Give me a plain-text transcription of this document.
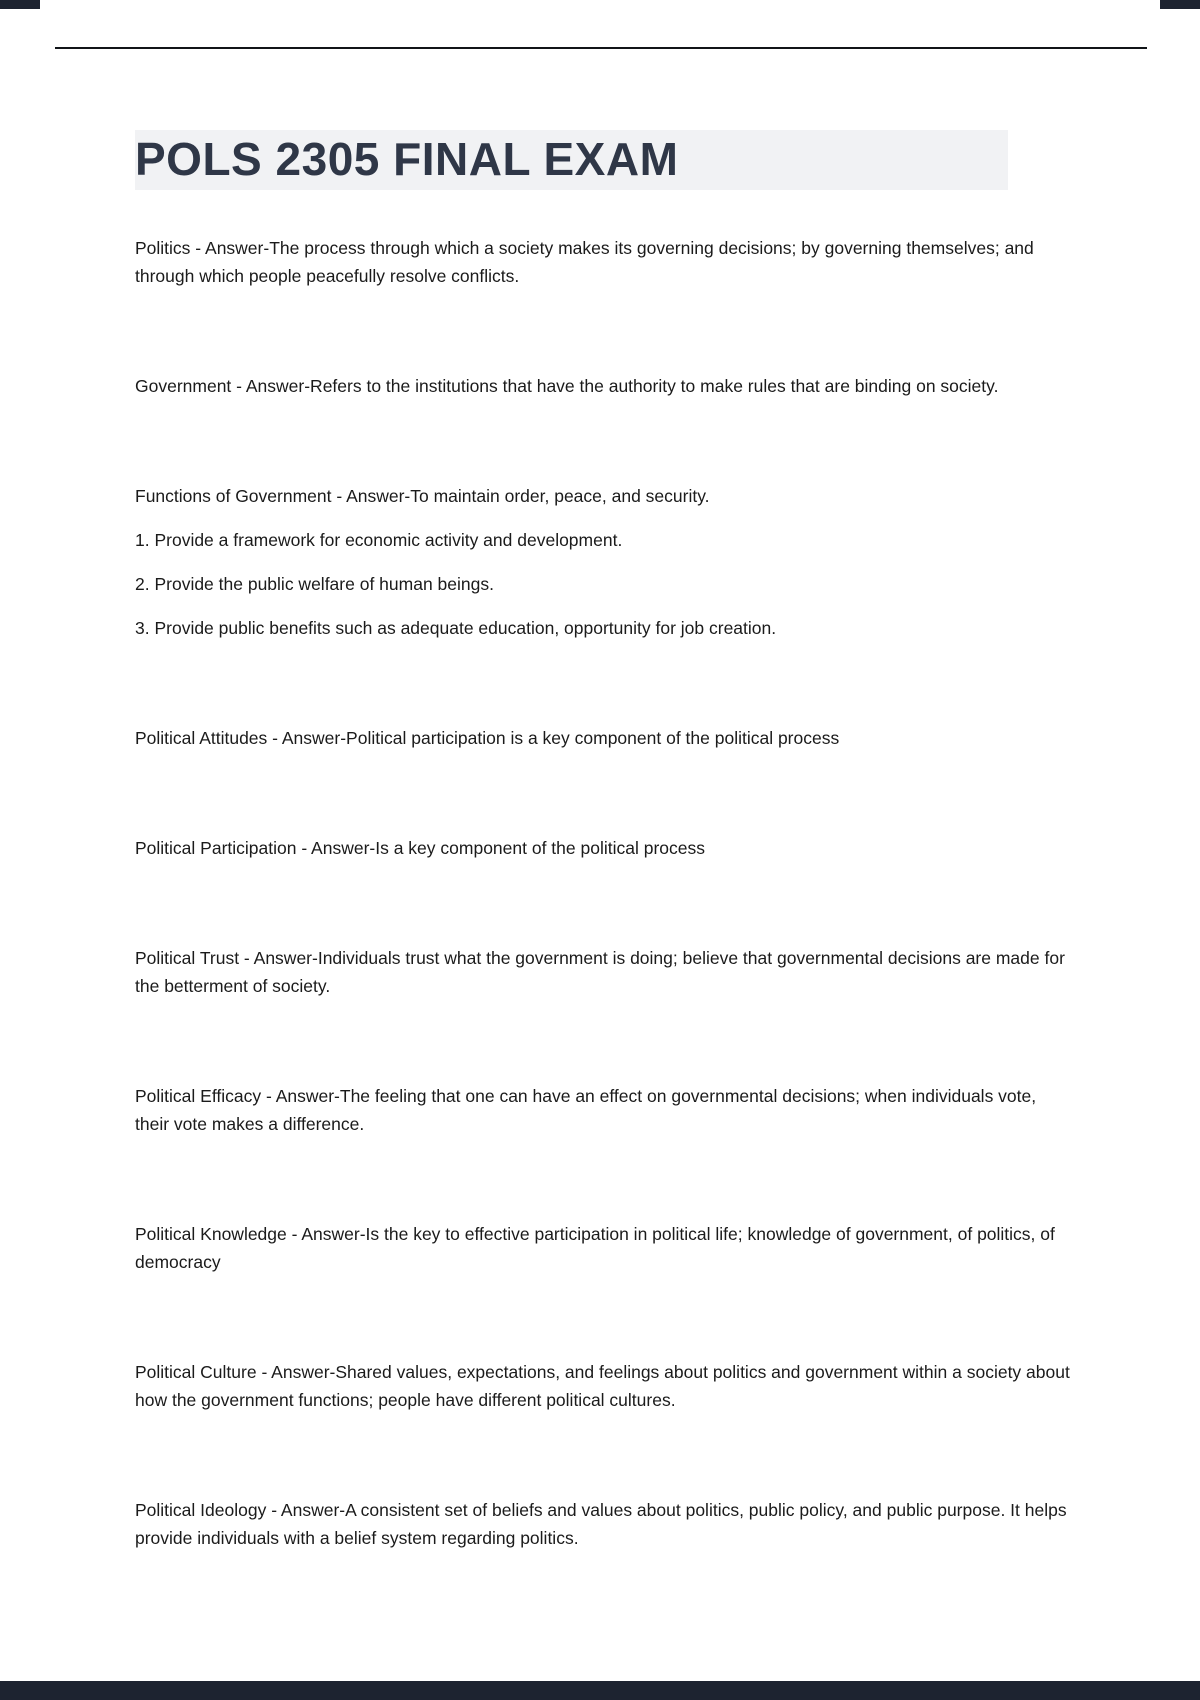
POLS 2305 FINAL EXAM

Politics - Answer-The process through which a society makes its governing decisions; by governing themselves; and through which people peacefully resolve conflicts.

Government - Answer-Refers to the institutions that have the authority to make rules that are binding on society.

Functions of Government - Answer-To maintain order, peace, and security.

1. Provide a framework for economic activity and development.

2. Provide the public welfare of human beings.

3. Provide public benefits such as adequate education, opportunity for job creation.

Political Attitudes - Answer-Political participation is a key component of the political process

Political Participation - Answer-Is a key component of the political process

Political Trust - Answer-Individuals trust what the government is doing; believe that governmental decisions are made for the betterment of society.

Political Efficacy - Answer-The feeling that one can have an effect on governmental decisions; when individuals vote, their vote makes a difference.

Political Knowledge - Answer-Is the key to effective participation in political life; knowledge of government, of politics, of democracy

Political Culture - Answer-Shared values, expectations, and feelings about politics and government within a society about how the government functions; people have different political cultures.

Political Ideology - Answer-A consistent set of beliefs and values about politics, public policy, and public purpose. It helps provide individuals with a belief system regarding politics.
